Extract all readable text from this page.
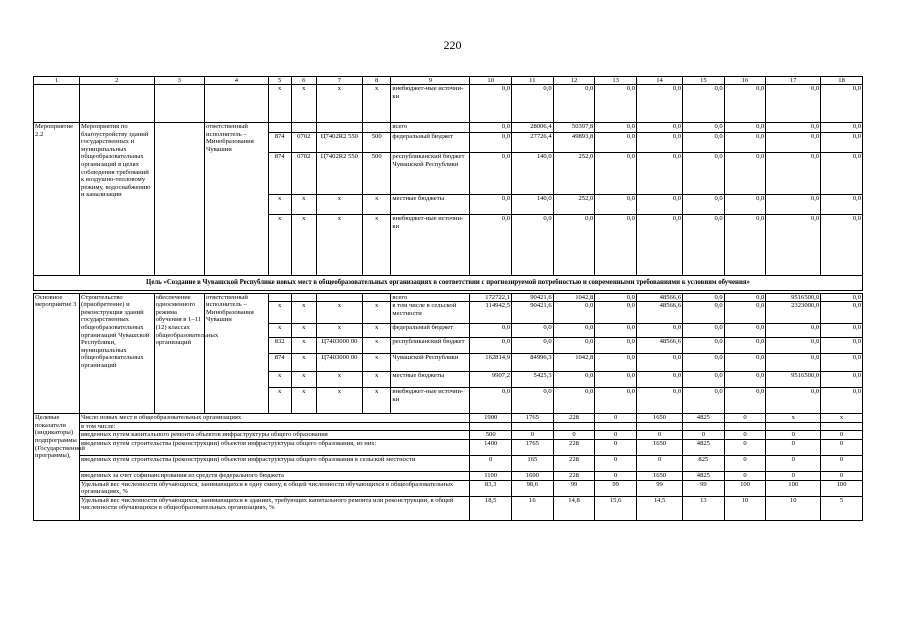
220
1	2	3	4	5	6	7	8	9	10	11	12	13	14	15	16	17	18
				x	x	x	x	внебюджет-ные источни-ки	0,0	0,0	0,0	0,0	0,0	0,0	0,0	0,0	0,0
Мероприятие 2.2	Мероприятия по благоустройству зданий государственных и муниципальных общеобразовательных организаций в целях соблюдения требований к воздушно-тепловому режиму, водоснабжению и канализации		ответственный исполнитель – Минобразования Чувашии					всего	0,0	28006,4	50397,8	0,0	0,0	0,0	0,0	0,0	0,0
				874	0702	Ц7402R2 550	500	федеральный бюджет	0,0	27726,4	49893,8	0,0	0,0	0,0	0,0	0,0	0,0
				874	0702	Ц7402R2 550	500	республиканский бюджет Чувашской Республики	0,0	140,0	252,0	0,0	0,0	0,0	0,0	0,0	0,0
				x	x	x	x	местные бюджеты	0,0	140,0	252,0	0,0	0,0	0,0	0,0	0,0	0,0
				x	x	x	x	внебюджет-ные источни-ки	0,0	0,0	0,0	0,0	0,0	0,0	0,0	0,0	0,0
Цель «Создание в Чувашской Республике новых мест в общеобразовательных организациях в соответствии с прогнозируемой потребностью и современными требованиями к условиям обучения»																	

Основное мероприятие 3	Строительство (приобретение) и реконструкция зданий государственных общеобразовательных организаций Чувашской Республики, муниципальных общеобразовательных организаций	обеспечение односменного режима обучения в 1–11 (12) классах общеобразовательных организаций	ответственный исполнитель – Минобразования Чувашии					всего	172722,1	90421,6	1042,8	0,0	48566,6	0,0	0,0	9516500,0	0,0
				x	x	x	x	в том числе в сельской местности	114942,5	90421,6	0,0	0,0	48566,6	0,0	0,0	2323000,0	0,0
				x	x	x	x	федеральный бюджет	0,0	0,0	0,0	0,0	0,0	0,0	0,0	0,0	0,0
				832	x	Ц7403000 00	x	республиканский бюджет	0,0	0,0	0,0	0,0	48566,6	0,0	0,0	0,0	0,0
				874	x	Ц7403000 00	x	Чувашской Республики	162814,9	84996,3	1042,8	0,0	0,0	0,0	0,0	0,0	0,0
				x	x	x	x	местные бюджеты	9907,2	5425,3	0,0	0,0	0,0	0,0	0,0	9516500,0	0,0
				x	x	x	x	внебюджет-ные источни-ки	0,0	0,0	0,0	0,0	0,0	0,0	0,0	0,0	0,0
Целевые показатели (индикаторы) подпрограммы (Государственной программы),	Число новых мест в общеобразовательных организациях								1900	1765	228	0	1650	4825	0	x	x
	в том числе:																
	введенных путем капитального ремонта объектов инфраструктуры общего образования								500	0	0	0	0	0	0	0	0
	введенных путем строительства (реконструкции) объектов инфраструктуры общего образования, из них:								1400	1765	228	0	1650	4825	0	0	0
	введенных путем строительства (реконструкции) объектов инфраструктуры общего образования в сельской местности								0	165	228	0	0	825	0	0	0
	введенных за счет софинансирования из средств федерального бюджета								1100	1600	228	0	1650	4825	0	0	0
	Удельный вес численности обучающихся, занимающихся в одну смену, в общей численности обучающихся в общеобразовательных организациях, %								83,3	98,6	99	99	99	99	100	100	100
	Удельный вес численности обучающихся, занимающихся в зданиях, требующих капитального ремонта или реконструкции, в общей численности обучающихся в общеобразовательных организациях, %								18,5	16	14,8	15,6	14,5	13	10	10	5
